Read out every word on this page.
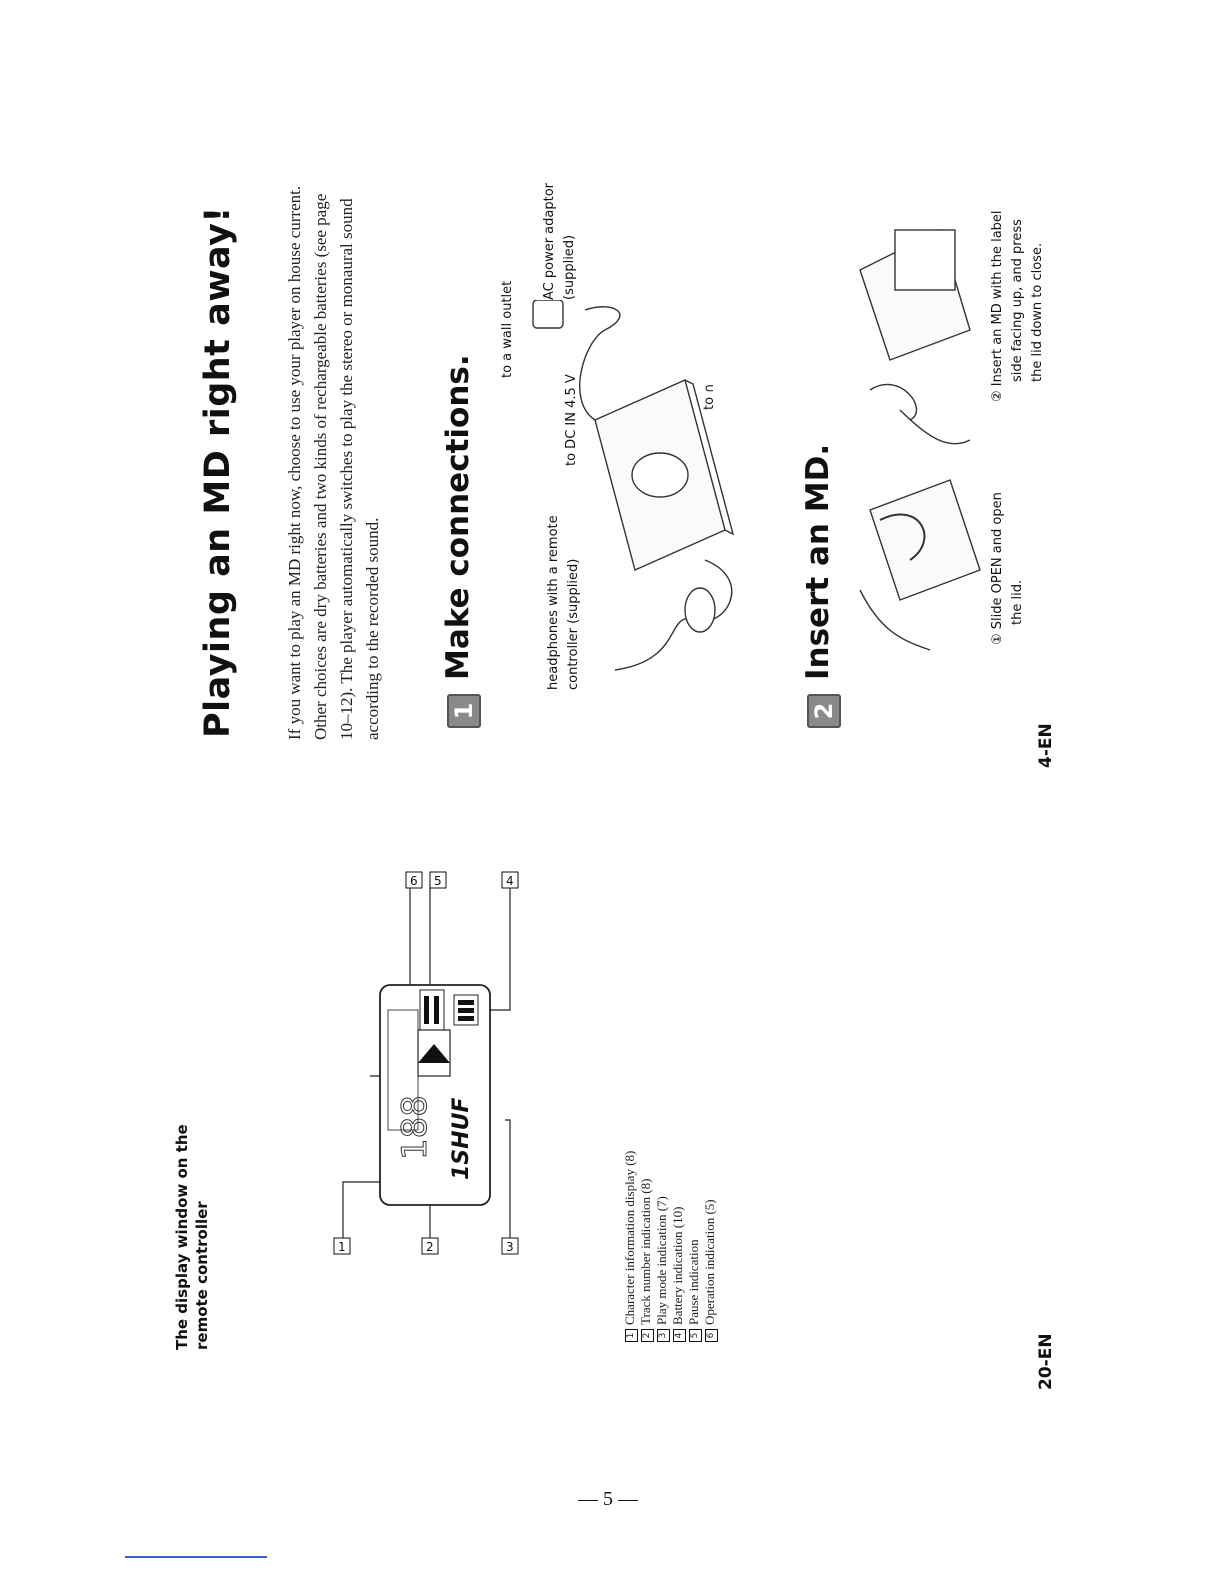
The display window on the remote controller
188 1SHUF
1	2	3
4
5
6
1Character information display (8)
2Track number indication (8)
3Play mode indication (7)
4Battery indication (10)
5Pause indication
6Operation indication (5)
20-EN
Playing an MD right away!	If you want to play an MD right now, choose to use your player on house current. Other choices are dry batteries and two kinds of rechargeable batteries (see page 10–12). The player automatically switches to play the stereo or monaural sound according to the recorded sound.	1Make connections.	headphones with a remote controller (supplied)
to DC IN 4.5 V
to a wall outlet
AC power adaptor (supplied)
to ∩
2Insert an MD.	① Slide OPEN and open the lid.
② Insert an MD with the label side facing up, and press the lid down to close.
4-EN
— 5 —
